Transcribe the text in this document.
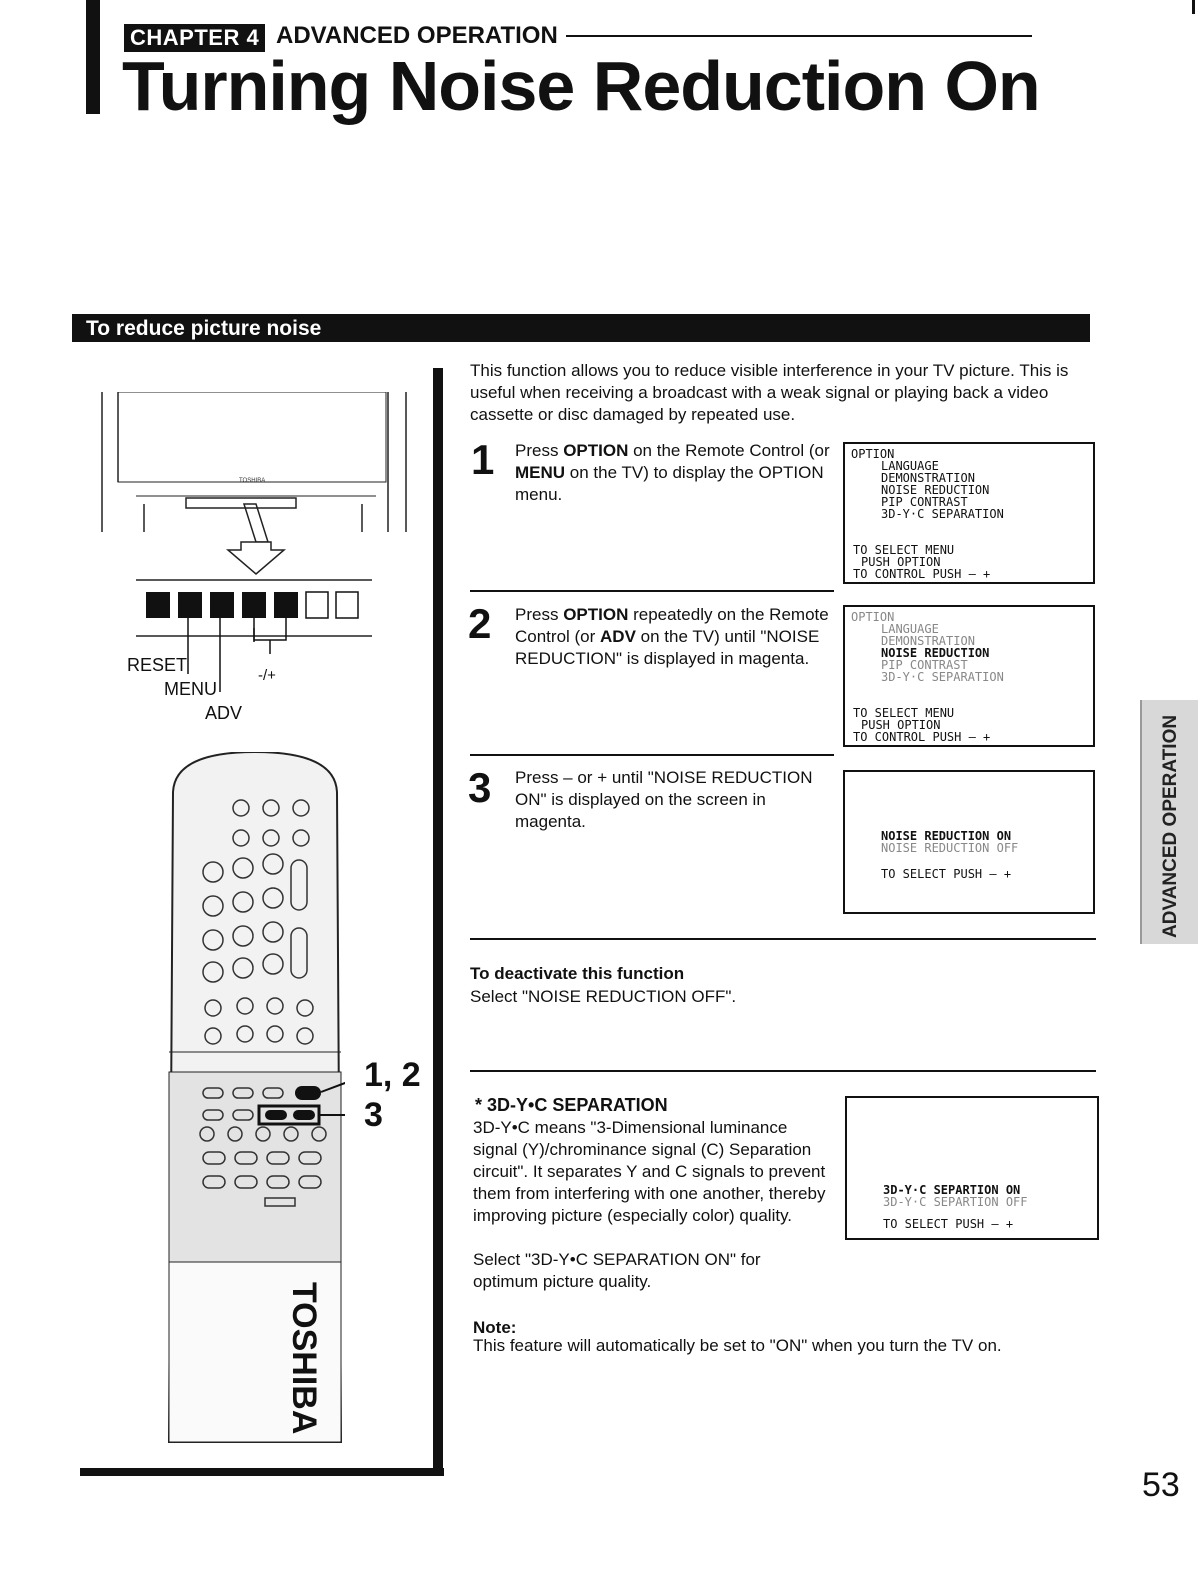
CHAPTER 4 ADVANCED OPERATION
Turning Noise Reduction On
To reduce picture noise
TOSHIBA
RESET
MENU
ADV
-/+
TOSHIBA
1, 2
3
This function allows you to reduce visible interference in your TV picture. This is useful when receiving a broadcast with a weak signal or playing back a video cassette or disc damaged by repeated use.
1 Press OPTION on the Remote Control (or MENU on the TV) to display the OPTION menu.
OPTION
LANGUAGE
DEMONSTRATION
NOISE REDUCTION
PIP CONTRAST
3D-Y·C SEPARATION
TO SELECT MENU
PUSH OPTION
TO CONTROL PUSH – +
2 Press OPTION repeatedly on the Remote Control (or ADV on the TV) until "NOISE REDUCTION" is displayed in magenta.
OPTION
LANGUAGE
DEMONSTRATION
NOISE REDUCTION
PIP CONTRAST
3D-Y·C SEPARATION
TO SELECT MENU
PUSH OPTION
TO CONTROL PUSH – +
3 Press – or + until "NOISE REDUCTION ON" is displayed on the screen in magenta.
NOISE REDUCTION ON
NOISE REDUCTION OFF
TO SELECT PUSH – +
To deactivate this function
Select "NOISE REDUCTION OFF".
* 3D-Y•C SEPARATION
3D-Y•C means "3-Dimensional luminance signal (Y)/chrominance signal (C) Separation circuit". It separates Y and C signals to prevent them from interfering with one another, thereby improving picture (especially color) quality.
Select "3D-Y•C SEPARATION ON" for optimum picture quality.
3D-Y·C SEPARTION ON
3D-Y·C SEPARTION OFF
TO SELECT PUSH – +
Note:
This feature will automatically be set to "ON" when you turn the TV on.
ADVANCED OPERATION
53
